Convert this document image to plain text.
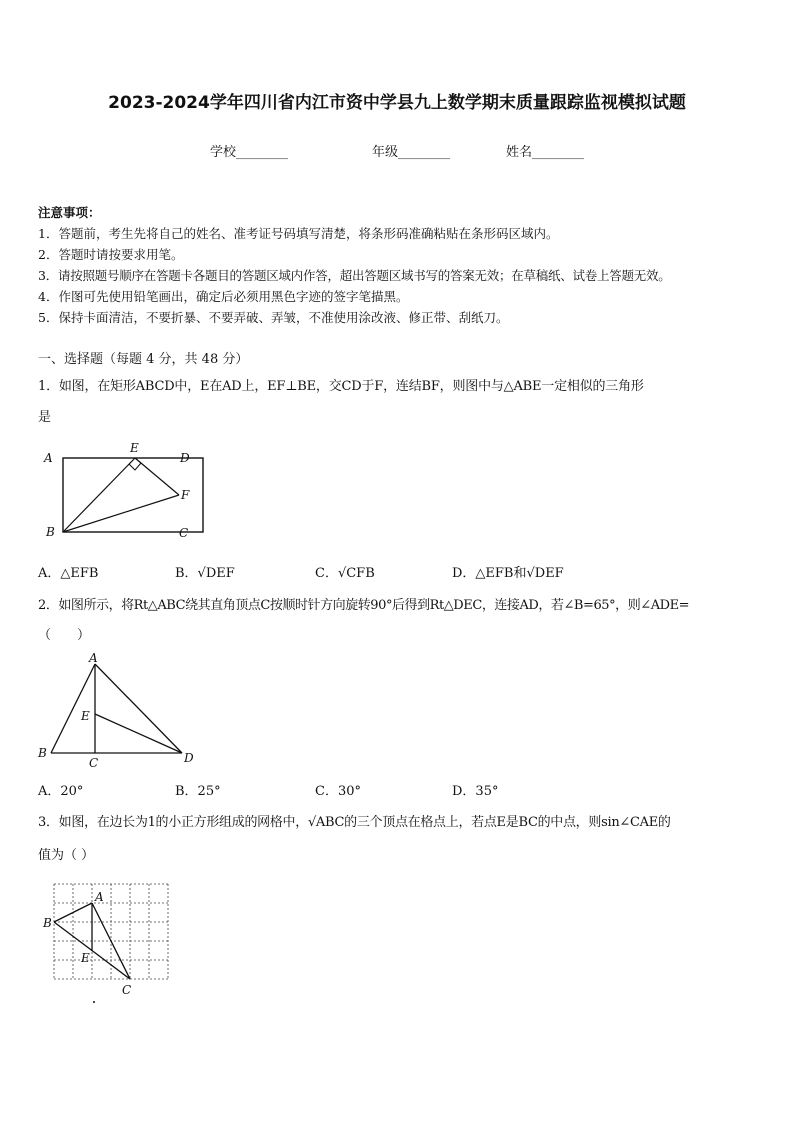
2023-2024学年四川省内江市资中学县九上数学期末质量跟踪监视模拟试题
学校________	年级________	姓名________
注意事项：
1．答题前，考生先将自己的姓名、准考证号码填写清楚，将条形码准确粘贴在条形码区域内。
2．答题时请按要求用笔。
3．请按照题号顺序在答题卡各题目的答题区域内作答，超出答题区域书写的答案无效；在草稿纸、试卷上答题无效。
4．作图可先使用铅笔画出，确定后必须用黑色字迹的签字笔描黑。
5．保持卡面清洁，不要折暴、不要弄破、弄皱，不准使用涂改液、修正带、刮纸刀。
一、选择题（每题 4 分，共 48 分）
1．如图，在矩形ABCD中，E在AD上，EF⊥BE，交CD于F，连结BF，则图中与△ABE一定相似的三角形
是
A
E
D
F
B	C
A．△EFB	B．√DEF	C．√CFB	D．△EFB和√DEF
2．如图所示，将Rt△ABC绕其直角顶点C按顺时针方向旋转90°后得到Rt△DEC，连接AD，若∠B=65°，则∠ADE=
（　　）
A
E
B
C	D
A．20°	B．25°	C．30°	D．35°
3．如图，在边长为1的小正方形组成的网格中，√ABC的三个顶点在格点上，若点E是BC的中点，则sin∠CAE的
值为（ ）
A
B
E
C
